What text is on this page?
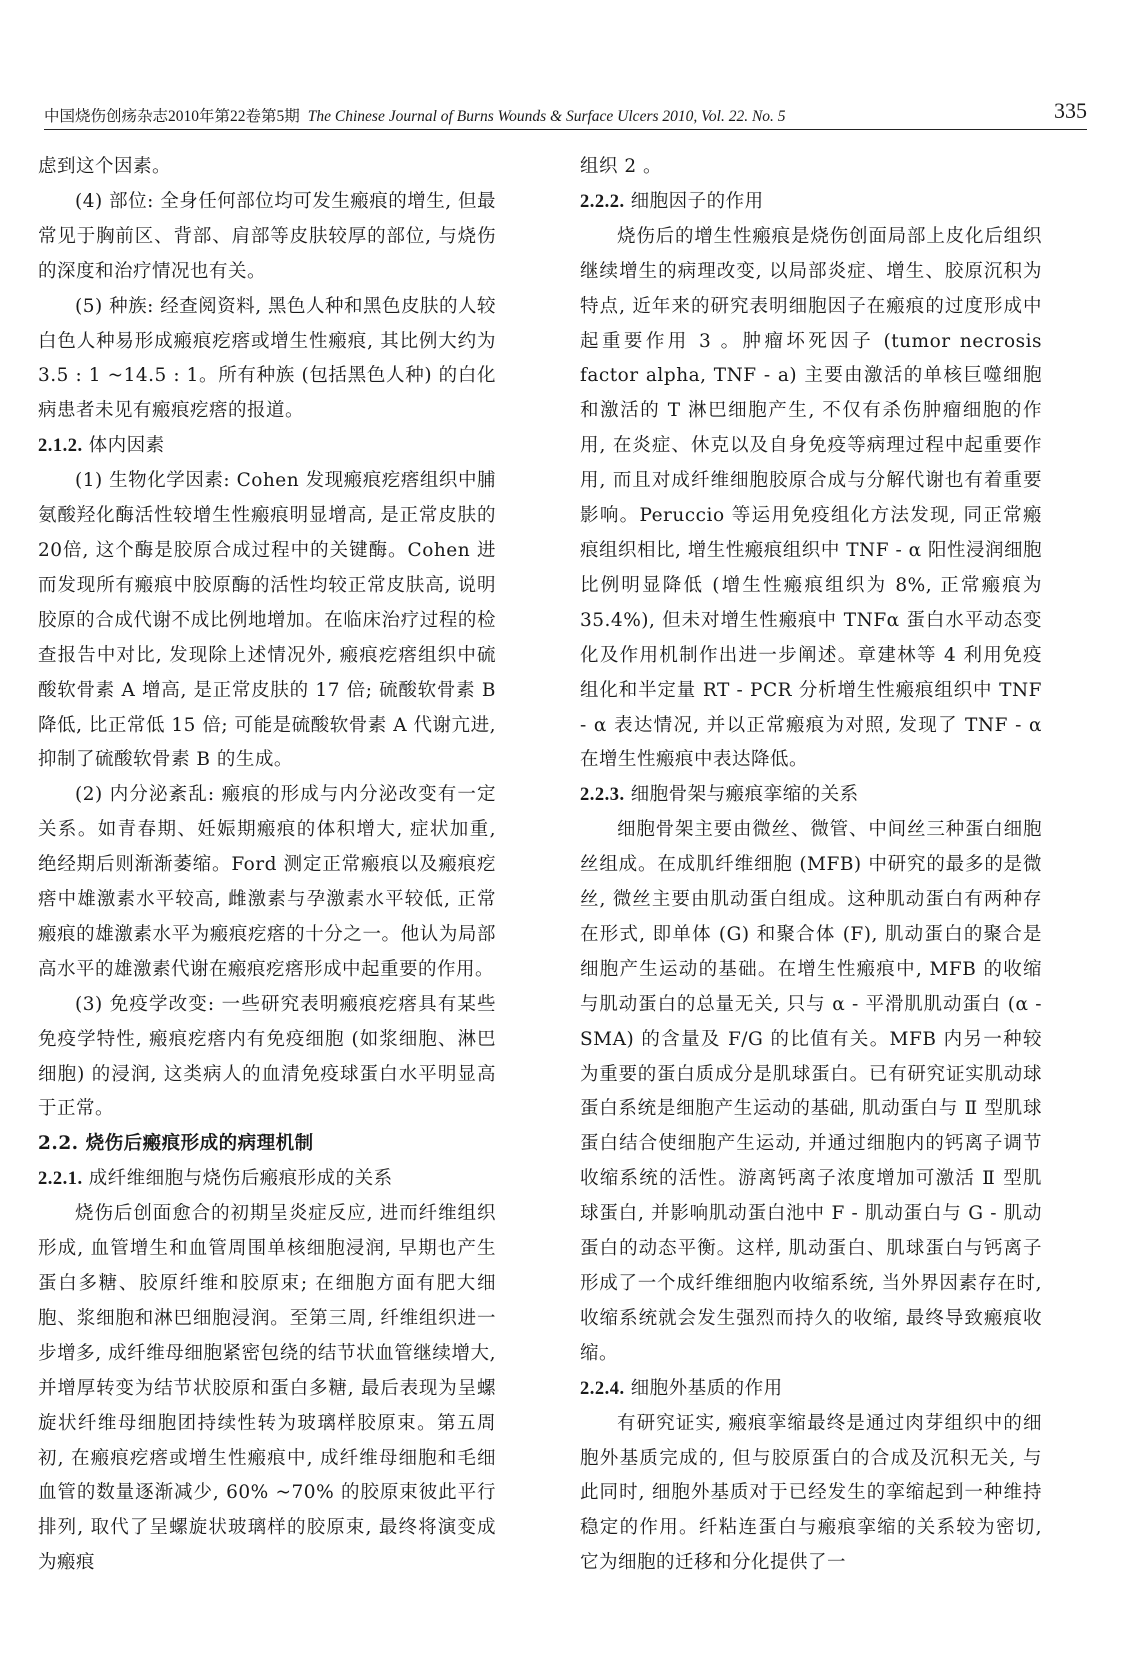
中国烧伤创疡杂志2010年第22卷第5期 The Chinese Journal of Burns Wounds & Surface Ulcers 2010, Vol. 22. No. 5	335

虑到这个因素。

(4) 部位: 全身任何部位均可发生瘢痕的增生, 但最常见于胸前区、背部、肩部等皮肤较厚的部位, 与烧伤的深度和治疗情况也有关。

(5) 种族: 经查阅资料, 黑色人种和黑色皮肤的人较白色人种易形成瘢痕疙瘩或增生性瘢痕, 其比例大约为 3.5 : 1 ~14.5 : 1。所有种族 (包括黑色人种) 的白化病患者未见有瘢痕疙瘩的报道。

2.1.2. 体内因素

(1) 生物化学因素: Cohen 发现瘢痕疙瘩组织中脯氨酸羟化酶活性较增生性瘢痕明显增高, 是正常皮肤的20倍, 这个酶是胶原合成过程中的关键酶。Cohen 进而发现所有瘢痕中胶原酶的活性均较正常皮肤高, 说明胶原的合成代谢不成比例地增加。在临床治疗过程的检查报告中对比, 发现除上述情况外, 瘢痕疙瘩组织中硫酸软骨素 A 增高, 是正常皮肤的 17 倍; 硫酸软骨素 B 降低, 比正常低 15 倍; 可能是硫酸软骨素 A 代谢亢进, 抑制了硫酸软骨素 B 的生成。

(2) 内分泌紊乱: 瘢痕的形成与内分泌改变有一定关系。如青春期、妊娠期瘢痕的体积增大, 症状加重, 绝经期后则渐渐萎缩。Ford 测定正常瘢痕以及瘢痕疙瘩中雄激素水平较高, 雌激素与孕激素水平较低, 正常瘢痕的雄激素水平为瘢痕疙瘩的十分之一。他认为局部高水平的雄激素代谢在瘢痕疙瘩形成中起重要的作用。

(3) 免疫学改变: 一些研究表明瘢痕疙瘩具有某些免疫学特性, 瘢痕疙瘩内有免疫细胞 (如浆细胞、淋巴细胞) 的浸润, 这类病人的血清免疫球蛋白水平明显高于正常。

2.2. 烧伤后瘢痕形成的病理机制
2.2.1. 成纤维细胞与烧伤后瘢痕形成的关系

烧伤后创面愈合的初期呈炎症反应, 进而纤维组织形成, 血管增生和血管周围单核细胞浸润, 早期也产生蛋白多糖、胶原纤维和胶原束; 在细胞方面有肥大细胞、浆细胞和淋巴细胞浸润。至第三周, 纤维组织进一步增多, 成纤维母细胞紧密包绕的结节状血管继续增大, 并增厚转变为结节状胶原和蛋白多糖, 最后表现为呈螺旋状纤维母细胞团持续性转为玻璃样胶原束。第五周初, 在瘢痕疙瘩或增生性瘢痕中, 成纤维母细胞和毛细血管的数量逐渐减少, 60% ~70% 的胶原束彼此平行排列, 取代了呈螺旋状玻璃样的胶原束, 最终将演变成为瘢痕

组织 2 。

2.2.2. 细胞因子的作用

烧伤后的增生性瘢痕是烧伤创面局部上皮化后组织继续增生的病理改变, 以局部炎症、增生、胶原沉积为特点, 近年来的研究表明细胞因子在瘢痕的过度形成中起重要作用 3 。肿瘤坏死因子 (tumor necrosis factor alpha, TNF - a) 主要由激活的单核巨噬细胞和激活的 T 淋巴细胞产生, 不仅有杀伤肿瘤细胞的作用, 在炎症、休克以及自身免疫等病理过程中起重要作用, 而且对成纤维细胞胶原合成与分解代谢也有着重要影响。Peruccio 等运用免疫组化方法发现, 同正常瘢痕组织相比, 增生性瘢痕组织中 TNF - α 阳性浸润细胞比例明显降低 (增生性瘢痕组织为 8%, 正常瘢痕为 35.4%), 但未对增生性瘢痕中 TNFα 蛋白水平动态变化及作用机制作出进一步阐述。章建林等 4 利用免疫组化和半定量 RT - PCR 分析增生性瘢痕组织中 TNF - α 表达情况, 并以正常瘢痕为对照, 发现了 TNF - α 在增生性瘢痕中表达降低。

2.2.3. 细胞骨架与瘢痕挛缩的关系

细胞骨架主要由微丝、微管、中间丝三种蛋白细胞丝组成。在成肌纤维细胞 (MFB) 中研究的最多的是微丝, 微丝主要由肌动蛋白组成。这种肌动蛋白有两种存在形式, 即单体 (G) 和聚合体 (F), 肌动蛋白的聚合是细胞产生运动的基础。在增生性瘢痕中, MFB 的收缩与肌动蛋白的总量无关, 只与 α - 平滑肌肌动蛋白 (α - SMA) 的含量及 F/G 的比值有关。MFB 内另一种较为重要的蛋白质成分是肌球蛋白。已有研究证实肌动球蛋白系统是细胞产生运动的基础, 肌动蛋白与 Ⅱ 型肌球蛋白结合使细胞产生运动, 并通过细胞内的钙离子调节收缩系统的活性。游离钙离子浓度增加可激活 Ⅱ 型肌球蛋白, 并影响肌动蛋白池中 F - 肌动蛋白与 G - 肌动蛋白的动态平衡。这样, 肌动蛋白、肌球蛋白与钙离子形成了一个成纤维细胞内收缩系统, 当外界因素存在时, 收缩系统就会发生强烈而持久的收缩, 最终导致瘢痕收缩。

2.2.4. 细胞外基质的作用

有研究证实, 瘢痕挛缩最终是通过肉芽组织中的细胞外基质完成的, 但与胶原蛋白的合成及沉积无关, 与此同时, 细胞外基质对于已经发生的挛缩起到一种维持稳定的作用。纤粘连蛋白与瘢痕挛缩的关系较为密切, 它为细胞的迁移和分化提供了一
